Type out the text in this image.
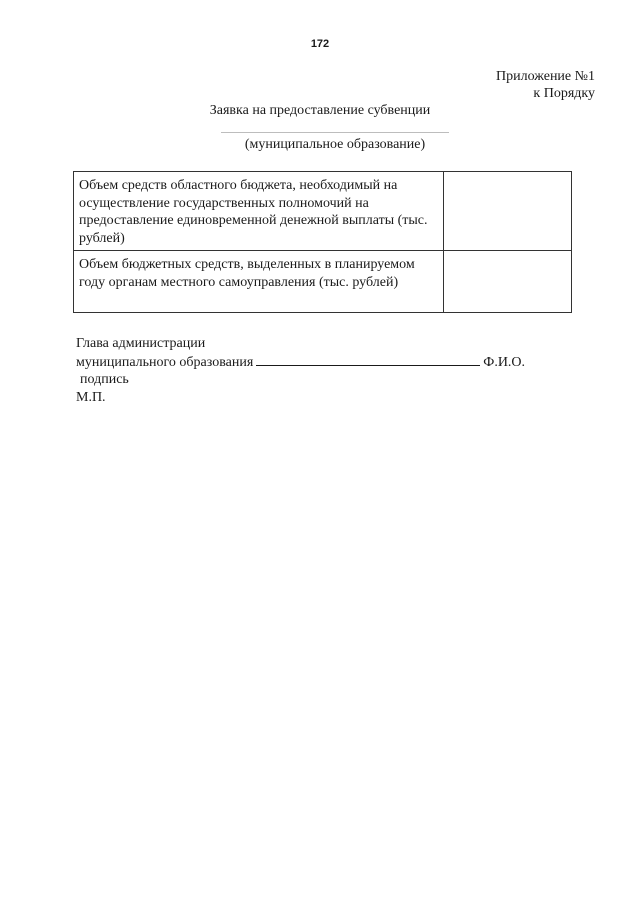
172
Приложение №1
к Порядку
Заявка на предоставление субвенции
(муниципальное образование)
Объем средств областного бюджета, необходимый на осуществление государственных полномочий на предоставление единовременной денежной выплаты (тыс. рублей)	
Объем бюджетных средств, выделенных в планируемом году органам местного самоуправления (тыс. рублей)	
Глава администрации
муниципального образования	Ф.И.О.
подпись
М.П.
